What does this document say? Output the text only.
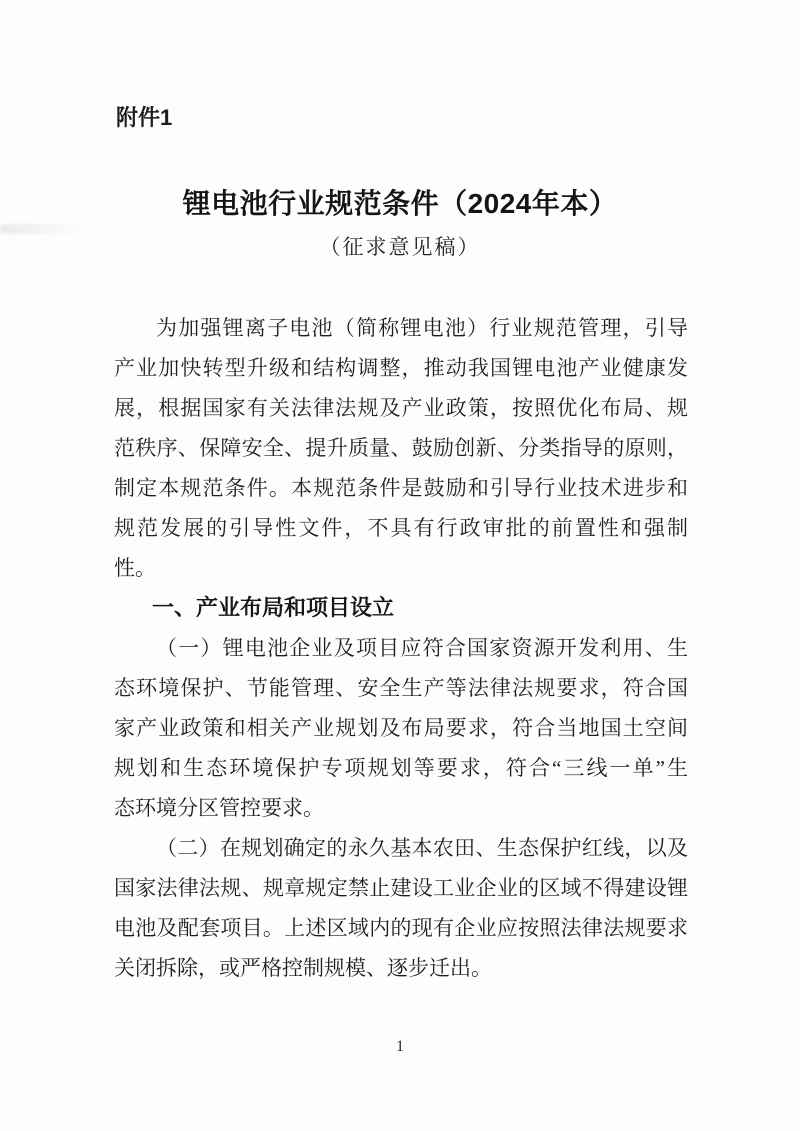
附件1
锂电池行业规范条件（2024年本）
（征求意见稿）
为加强锂离子电池（简称锂电池）行业规范管理，引导
产业加快转型升级和结构调整，推动我国锂电池产业健康发
展，根据国家有关法律法规及产业政策，按照优化布局、规
范秩序、保障安全、提升质量、鼓励创新、分类指导的原则，
制定本规范条件。本规范条件是鼓励和引导行业技术进步和
规范发展的引导性文件，不具有行政审批的前置性和强制
性。
一、产业布局和项目设立
（一）锂电池企业及项目应符合国家资源开发利用、生
态环境保护、节能管理、安全生产等法律法规要求，符合国
家产业政策和相关产业规划及布局要求，符合当地国土空间
规划和生态环境保护专项规划等要求，符合“三线一单”生
态环境分区管控要求。
（二）在规划确定的永久基本农田、生态保护红线，以及
国家法律法规、规章规定禁止建设工业企业的区域不得建设锂
电池及配套项目。上述区域内的现有企业应按照法律法规要求
关闭拆除，或严格控制规模、逐步迁出。
1
